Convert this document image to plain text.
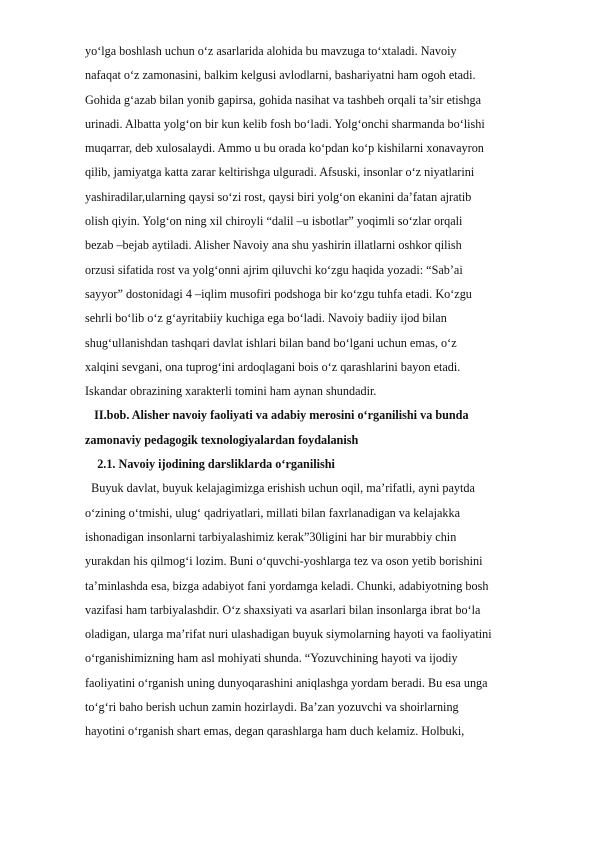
yo‘lga boshlash uchun o‘z asarlarida alohida bu mavzuga to‘xtaladi. Navoiy
nafaqat o‘z zamonasini, balkim kelgusi avlodlarni, bashariyatni ham ogoh etadi.
Gohida g‘azab bilan yonib gapirsa, gohida nasihat va tashbeh orqali ta’sir etishga
urinadi. Albatta yolg‘on bir kun kelib fosh bo‘ladi. Yolg‘onchi sharmanda bo‘lishi
muqarrar, deb xulosalaydi. Ammo u bu orada ko‘pdan ko‘p kishilarni xonavayron
qilib, jamiyatga katta zarar keltirishga ulguradi. Afsuski, insonlar o‘z niyatlarini
yashiradilar,ularning qaysi so‘zi rost, qaysi biri yolg‘on ekanini da’fatan ajratib
olish qiyin. Yolg‘on ning xil chiroyli “dalil –u isbotlar” yoqimli so‘zlar orqali
bezab –bejab aytiladi. Alisher Navoiy ana shu yashirin illatlarni oshkor qilish
orzusi sifatida rost va yolg‘onni ajrim qiluvchi ko‘zgu haqida yozadi: “Sab’ai
sayyor” dostonidagi 4 –iqlim musofiri podshoga bir ko‘zgu tuhfa etadi. Ko‘zgu
sehrli bo‘lib o‘z g‘ayritabiiy kuchiga ega bo‘ladi. Navoiy badiiy ijod bilan
shug‘ullanishdan tashqari davlat ishlari bilan band bo‘lgani uchun emas, o‘z
xalqini sevgani, ona tuprog‘ini ardoqlagani bois o‘z qarashlarini bayon etadi.
Iskandar obrazining xarakterli tomini ham aynan shundadir.
II.bob. Alisher navoiy faoliyati va adabiy merosini o‘rganilishi va bunda
zamonaviy pedagogik texnologiyalardan foydalanish
2.1. Navoiy ijodining darsliklarda o‘rganilishi
Buyuk davlat, buyuk kelajagimizga erishish uchun oqil, ma’rifatli, ayni paytda
o‘zining o‘tmishi, ulug‘ qadriyatlari, millati bilan faxrlanadigan va kelajakka
ishonadigan insonlarni tarbiyalashimiz kerak”30ligini har bir murabbiy chin
yurakdan his qilmog‘i lozim. Buni o‘quvchi-yoshlarga tez va oson yetib borishini
ta’minlashda esa, bizga adabiyot fani yordamga keladi. Chunki, adabiyotning bosh
vazifasi ham tarbiyalashdir. O‘z shaxsiyati va asarlari bilan insonlarga ibrat bo‘la
oladigan, ularga ma’rifat nuri ulashadigan buyuk siymolarning hayoti va faoliyatini
o‘rganishimizning ham asl mohiyati shunda. “Yozuvchining hayoti va ijodiy
faoliyatini o‘rganish uning dunyoqarashini aniqlashga yordam beradi. Bu esa unga
to‘g‘ri baho berish uchun zamin hozirlaydi. Ba’zan yozuvchi va shoirlarning
hayotini o‘rganish shart emas, degan qarashlarga ham duch kelamiz. Holbuki,
